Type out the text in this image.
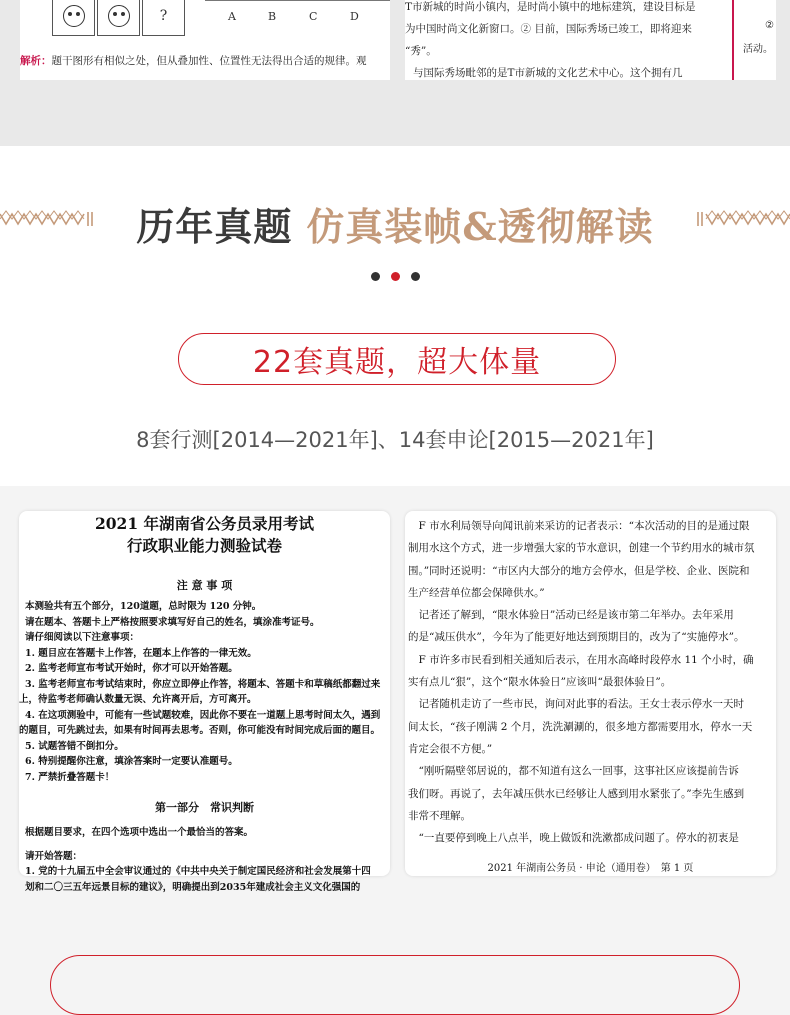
?	A	B	C	D
解析：题干图形有相似之处，但从叠加性、位置性无法得出合适的规律。观
T市新城的时尚小镇内，是时尚小镇中的地标建筑，建设目标是
为中国时尚文化新窗口。② 目前，国际秀场已竣工，即将迎来
“秀”。
与国际秀场毗邻的是T市新城的文化艺术中心。这个拥有几
②
活动。
历年真题 仿真装帧&透彻解读
22套真题，超大体量
8套行测[2014—2021年]、14套申论[2015—2021年]
2021 年湖南省公务员录用考试
行政职业能力测验试卷
注 意 事 项
本测验共有五个部分，120道题，总时限为 120 分钟。
请在题本、答题卡上严格按照要求填写好自己的姓名，填涂准考证号。
请仔细阅读以下注意事项：
1. 题目应在答题卡上作答，在题本上作答的一律无效。
2. 监考老师宣布考试开始时，你才可以开始答题。
3. 监考老师宣布考试结束时，你应立即停止作答，将题本、答题卡和草稿纸都翻过来
上，待监考老师确认数量无误、允许离开后，方可离开。
4. 在这项测验中，可能有一些试题较难，因此你不要在一道题上思考时间太久，遇到
的题目，可先跳过去，如果有时间再去思考。否则，你可能没有时间完成后面的题目。
5. 试题答错不倒扣分。
6. 特别提醒你注意，填涂答案时一定要认准题号。
7. 严禁折叠答题卡！
第一部分　常识判断
根据题目要求，在四个选项中选出一个最恰当的答案。
请开始答题：
1. 党的十九届五中全会审议通过的《中共中央关于制定国民经济和社会发展第十四
划和二〇三五年远景目标的建议》，明确提出到2035年建成社会主义文化强国的
　F 市水利局领导向闻讯前来采访的记者表示：“本次活动的目的是通过限
制用水这个方式，进一步增强大家的节水意识，创建一个节约用水的城市氛
围。”同时还说明：“市区内大部分的地方会停水，但是学校、企业、医院和
生产经营单位都会保障供水。”
　记者还了解到，“限水体验日”活动已经是该市第二年举办。去年采用
的是“减压供水”，今年为了能更好地达到预期目的，改为了“实施停水”。
　F 市许多市民看到相关通知后表示，在用水高峰时段停水 11 个小时，确
实有点儿“狠”，这个“限水体验日”应该叫“最狠体验日”。
　记者随机走访了一些市民，询问对此事的看法。王女士表示停水一天时
间太长，“孩子刚满 2 个月，洗洗涮涮的，很多地方都需要用水，停水一天
肯定会很不方便。”
　“刚听隔壁邻居说的，都不知道有这么一回事，这事社区应该提前告诉
我们呀。再说了，去年减压供水已经够让人感到用水紧张了。”李先生感到
非常不理解。
　“一直要停到晚上八点半，晚上做饭和洗漱都成问题了。停水的初衷是
2021 年湖南公务员 · 申论（通用卷）　第 1 页
